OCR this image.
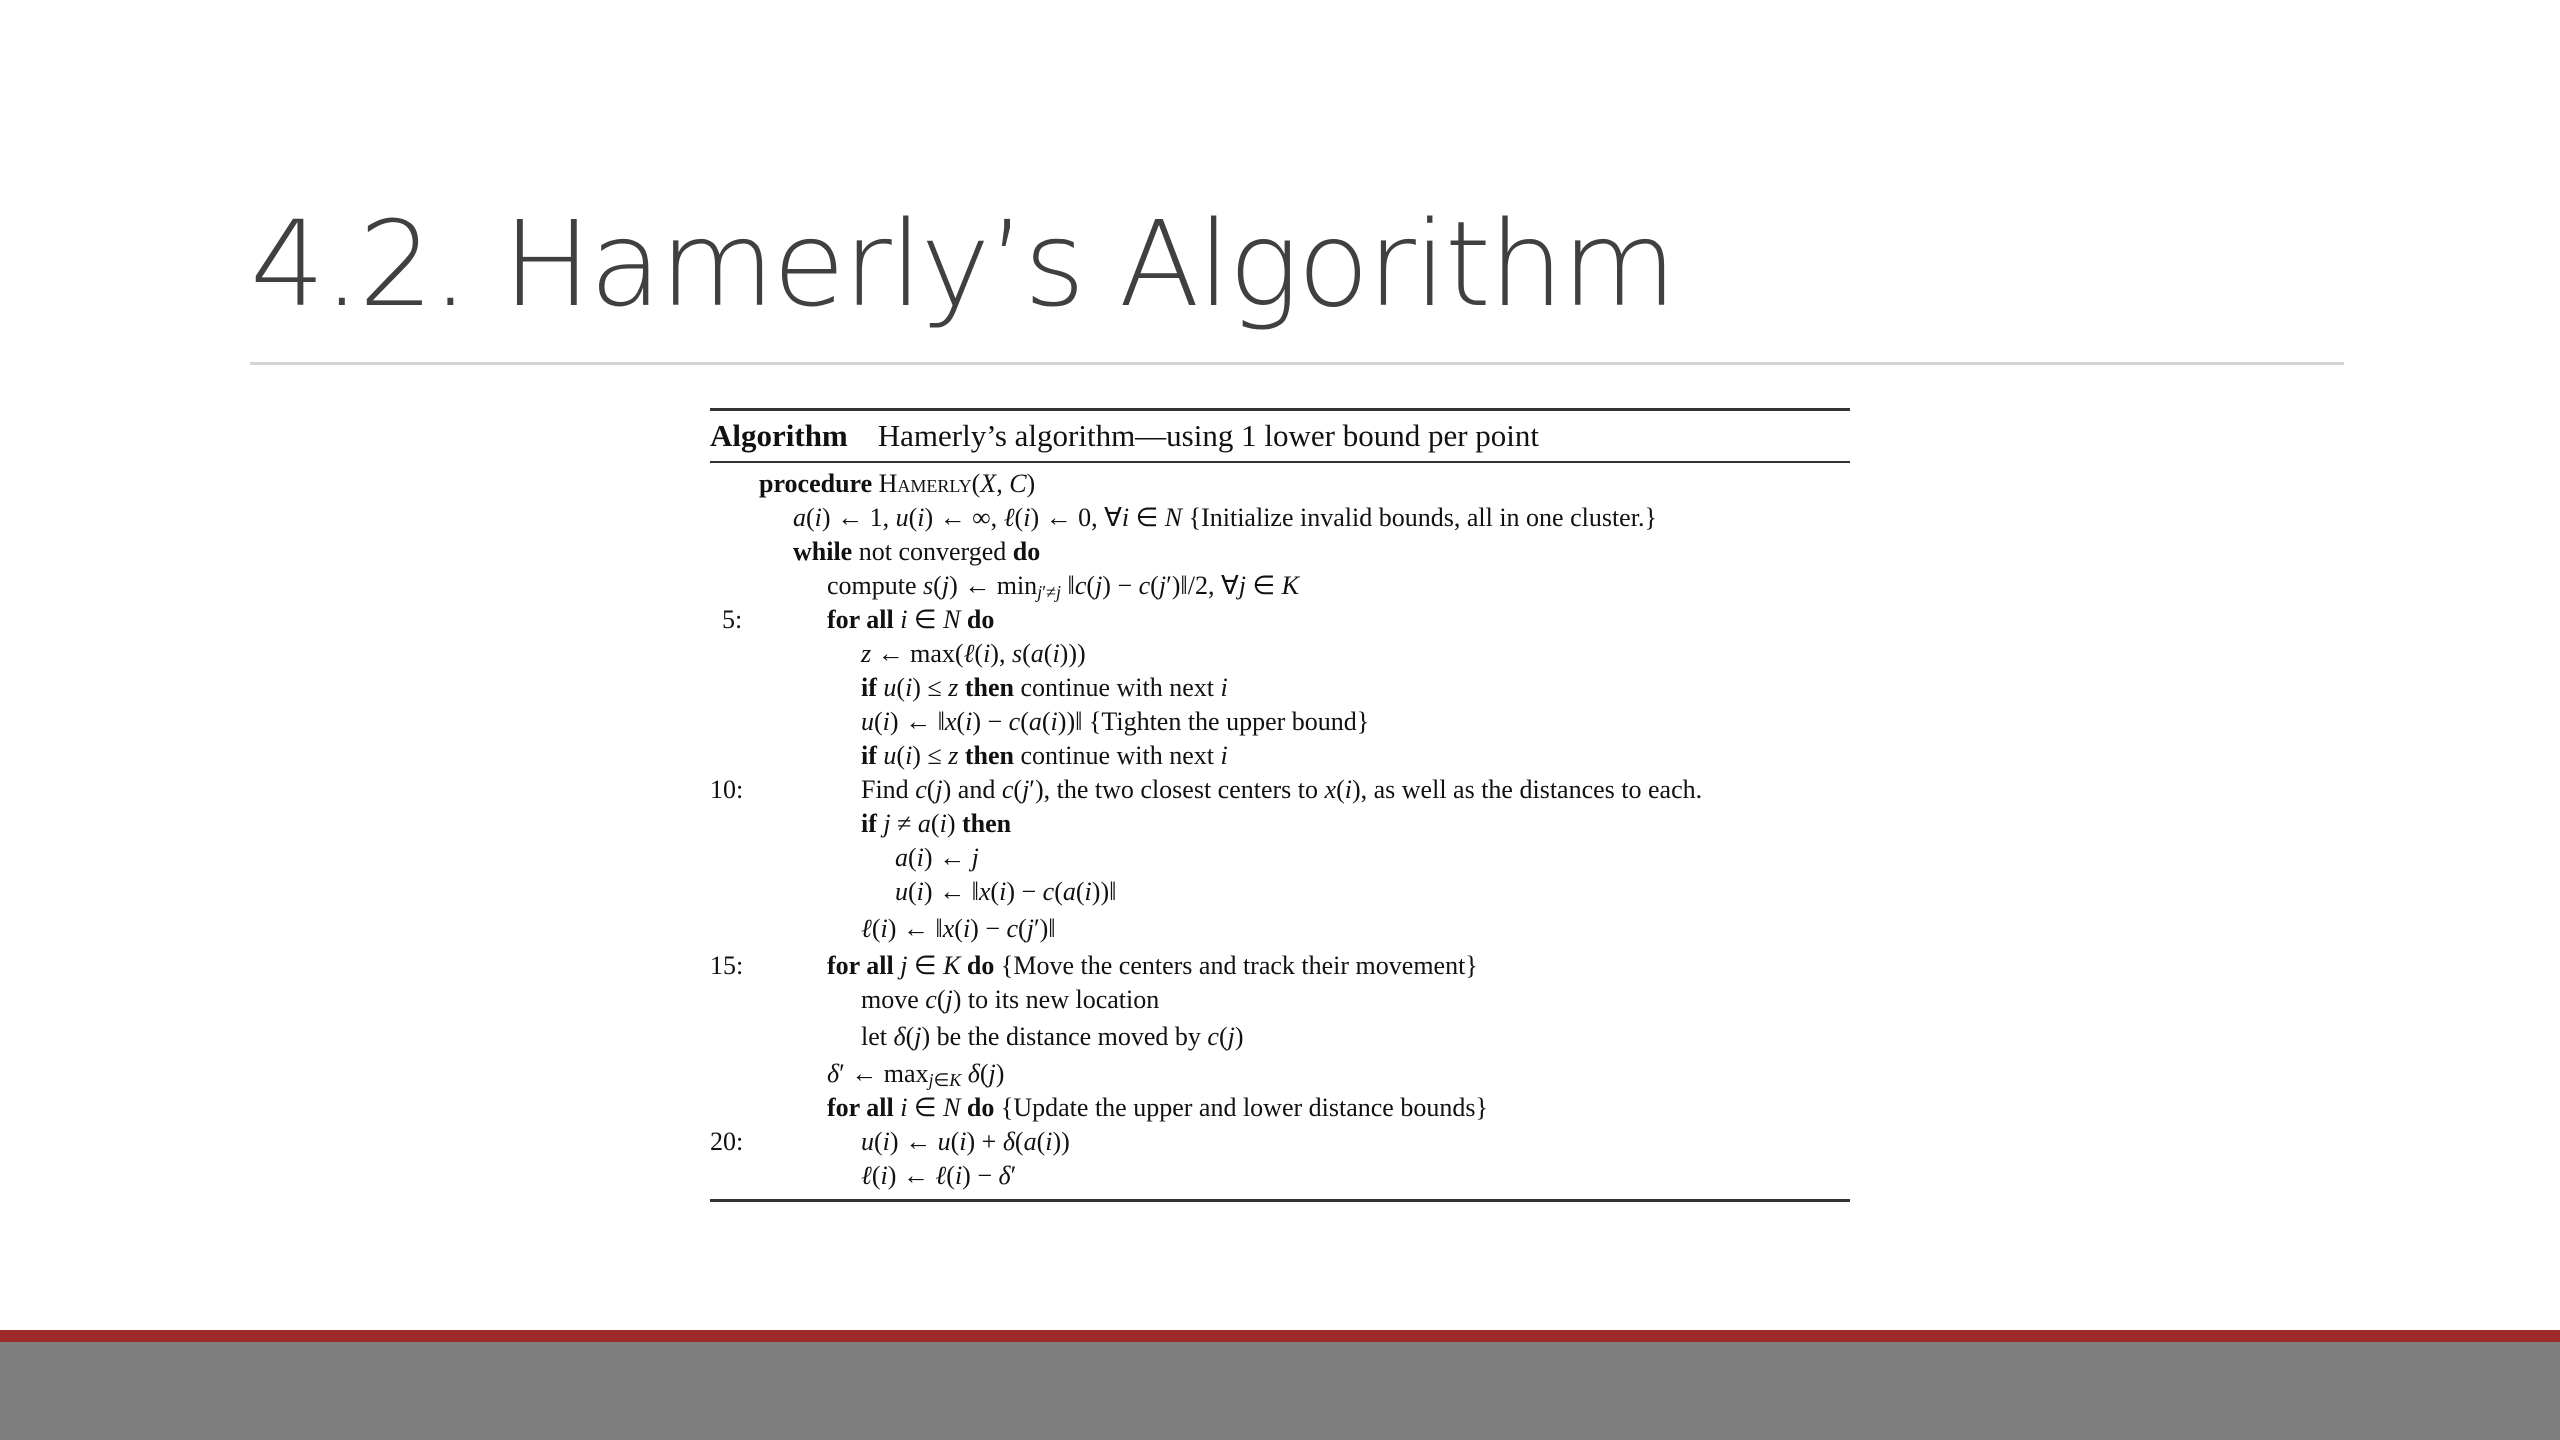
4.2. Hamerly’s Algorithm
Algorithm Hamerly’s algorithm—using 1 lower bound per point
procedure Hamerly(X, C)
a(i) ← 1, u(i) ← ∞, ℓ(i) ← 0, ∀i ∈ N {Initialize invalid bounds, all in one cluster.}
while not converged do
compute s(j) ← $\min_{j'\ne j}$ ‖c(j) − c(j′)‖/2, ∀j ∈ K
5:	for all i ∈ N do
z ← max(ℓ(i), s(a(i)))
if u(i) ≤ z then continue with next i
u(i) ← ‖x(i) − c(a(i))‖ {Tighten the upper bound}
if u(i) ≤ z then continue with next i
10:	Find c(j) and c(j′), the two closest centers to x(i), as well as the distances to each.
if j ≠ a(i) then
a(i) ← j
u(i) ← ‖x(i) − c(a(i))‖
ℓ(i) ← ‖x(i) − c(j′)‖
15:	for all j ∈ K do {Move the centers and track their movement}
move c(j) to its new location
let δ(j) be the distance moved by c(j)
δ′ ← $\max_{j\in K} \delta(j)$
for all i ∈ N do {Update the upper and lower distance bounds}
20:	u(i) ← u(i) + δ(a(i))
ℓ(i) ← ℓ(i) − δ′
